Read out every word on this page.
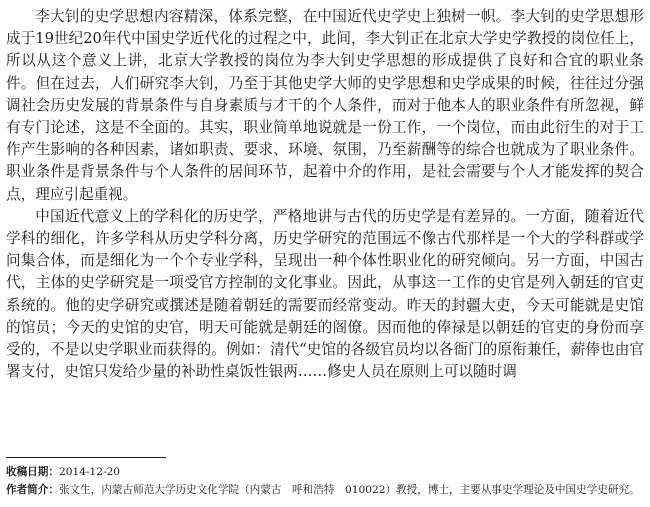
李大钊的史学思想内容精深，体系完整，在中国近代史学史上独树一帜。李大钊的史学思想形成于19世纪20年代中国史学近代化的过程之中，此间，李大钊正在北京大学史学教授的岗位任上，所以从这个意义上讲，北京大学教授的岗位为李大钊史学思想的形成提供了良好和合宜的职业条件。但在过去，人们研究李大钊，乃至于其他史学大师的史学思想和史学成果的时候，往往过分强调社会历史发展的背景条件与自身素质与才干的个人条件，而对于他本人的职业条件有所忽视，鲜有专门论述，这是不全面的。其实，职业简单地说就是一份工作，一个岗位，而由此衍生的对于工作产生影响的各种因素，诸如职责、要求、环境、氛围，乃至薪酬等的综合也就成为了职业条件。职业条件是背景条件与个人条件的居间环节，起着中介的作用，是社会需要与个人才能发挥的契合点，理应引起重视。

中国近代意义上的学科化的历史学，严格地讲与古代的历史学是有差异的。一方面，随着近代学科的细化，许多学科从历史学科分离，历史学研究的范围远不像古代那样是一个大的学科群或学问集合体，而是细化为一个个专业学科，呈现出一种个体性职业化的研究倾向。另一方面，中国古代，主体的史学研究是一项受官方控制的文化事业。因此，从事这一工作的史官是列入朝廷的官吏系统的。他的史学研究或撰述是随着朝廷的需要而经常变动。昨天的封疆大吏，今天可能就是史馆的馆员；今天的史馆的史官，明天可能就是朝廷的阁僚。因而他的俸禄是以朝廷的官吏的身份而享受的，不是以史学职业而获得的。例如：清代“史馆的各级官员均以各衙门的原衔兼任，薪俸也由官署支付，史馆只发给少量的补助性桌饭性银两……修史人员在原则上可以随时调

收稿日期：2014-12-20

作者简介：张文生，内蒙古师范大学历史文化学院（内蒙古　呼和浩特　010022）教授，博士，主要从事史学理论及中国史学史研究。
